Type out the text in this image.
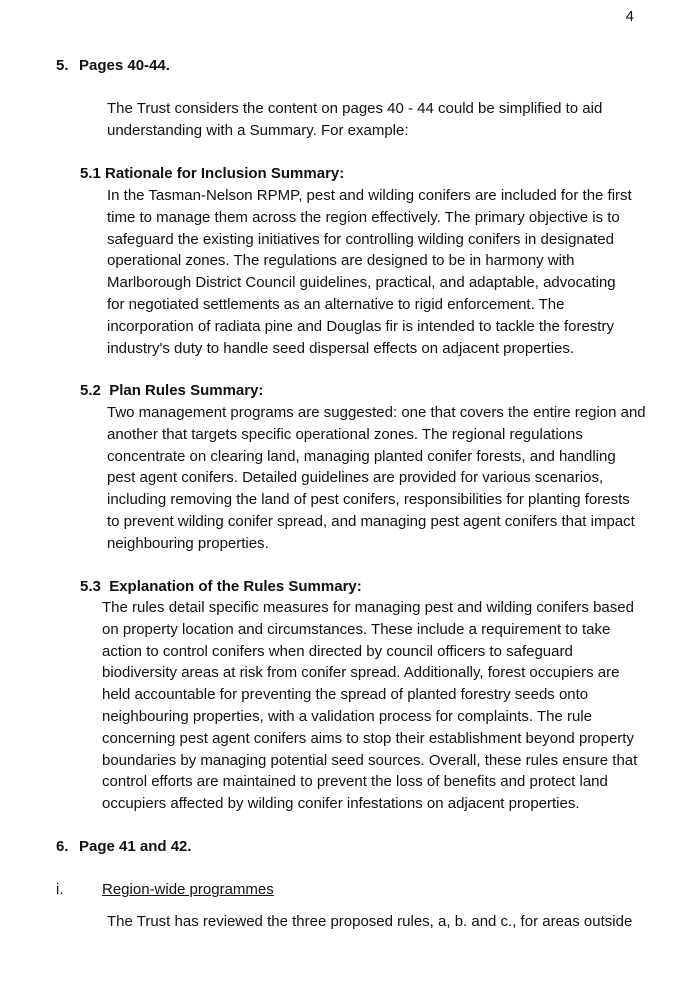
4
5. Pages 40-44.
The Trust considers the content on pages 40 - 44 could be simplified to aid
understanding with a Summary. For example:
5.1 Rationale for Inclusion Summary:
In the Tasman-Nelson RPMP, pest and wilding conifers are included for the first
time to manage them across the region effectively. The primary objective is to
safeguard the existing initiatives for controlling wilding conifers in designated
operational zones. The regulations are designed to be in harmony with
Marlborough District Council guidelines, practical, and adaptable, advocating
for negotiated settlements as an alternative to rigid enforcement. The
incorporation of radiata pine and Douglas fir is intended to tackle the forestry
industry's duty to handle seed dispersal effects on adjacent properties.
5.2 Plan Rules Summary:
Two management programs are suggested: one that covers the entire region and
another that targets specific operational zones. The regional regulations
concentrate on clearing land, managing planted conifer forests, and handling
pest agent conifers. Detailed guidelines are provided for various scenarios,
including removing the land of pest conifers, responsibilities for planting forests
to prevent wilding conifer spread, and managing pest agent conifers that impact
neighbouring properties.
5.3 Explanation of the Rules Summary:
The rules detail specific measures for managing pest and wilding conifers based
on property location and circumstances. These include a requirement to take
action to control conifers when directed by council officers to safeguard
biodiversity areas at risk from conifer spread. Additionally, forest occupiers are
held accountable for preventing the spread of planted forestry seeds onto
neighbouring properties, with a validation process for complaints. The rule
concerning pest agent conifers aims to stop their establishment beyond property
boundaries by managing potential seed sources. Overall, these rules ensure that
control efforts are maintained to prevent the loss of benefits and protect land
occupiers affected by wilding conifer infestations on adjacent properties.
6. Page 41 and 42.
i.	Region-wide programmes
The Trust has reviewed the three proposed rules, a, b. and c., for areas outside
